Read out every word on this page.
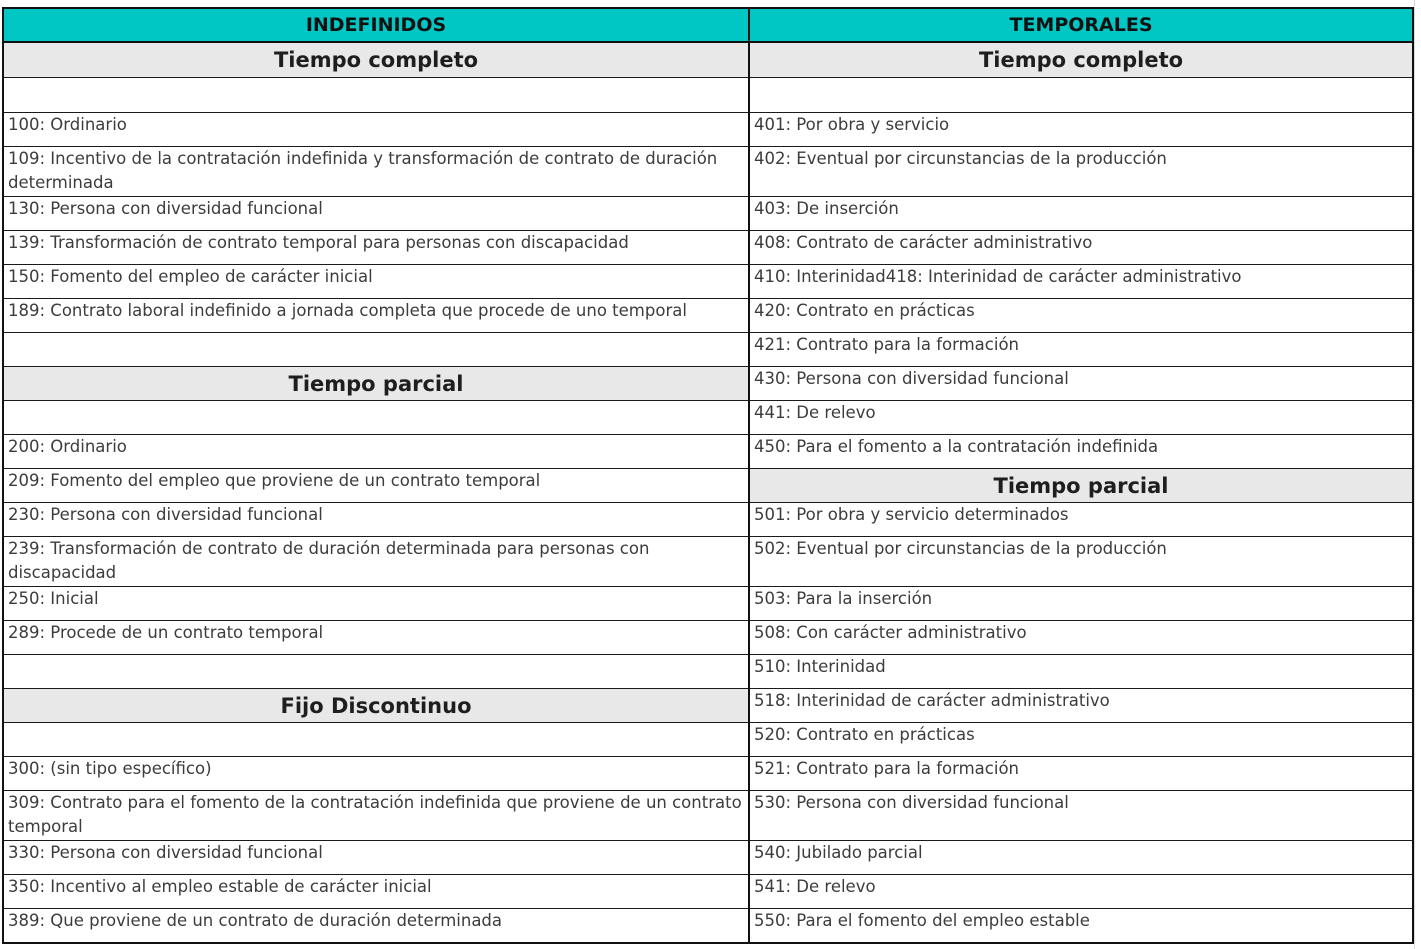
INDEFINIDOS	TEMPORALES
Tiempo completo	Tiempo completo

100: Ordinario	401: Por obra y servicio
109: Incentivo de la contratación indefinida y transformación de contrato de duración determinada	402: Eventual por circunstancias de la producción
130: Persona con diversidad funcional	403: De inserción
139: Transformación de contrato temporal para personas con discapacidad	408: Contrato de carácter administrativo
150: Fomento del empleo de carácter inicial	410: Interinidad418: Interinidad de carácter administrativo
189: Contrato laboral indefinido a jornada completa que procede de uno temporal	420: Contrato en prácticas
	421: Contrato para la formación
Tiempo parcial	430: Persona con diversidad funcional
	441: De relevo
200: Ordinario	450: Para el fomento a la contratación indefinida
209: Fomento del empleo que proviene de un contrato temporal	Tiempo parcial
230: Persona con diversidad funcional	501: Por obra y servicio determinados
239: Transformación de contrato de duración determinada para personas con discapacidad	502: Eventual por circunstancias de la producción
250: Inicial	503: Para la inserción
289: Procede de un contrato temporal	508: Con carácter administrativo
	510: Interinidad
Fijo Discontinuo	518: Interinidad de carácter administrativo
	520: Contrato en prácticas
300: (sin tipo específico)	521: Contrato para la formación
309: Contrato para el fomento de la contratación indefinida que proviene de un contrato temporal	530: Persona con diversidad funcional
330: Persona con diversidad funcional	540: Jubilado parcial
350: Incentivo al empleo estable de carácter inicial	541: De relevo
389: Que proviene de un contrato de duración determinada	550: Para el fomento del empleo estable
